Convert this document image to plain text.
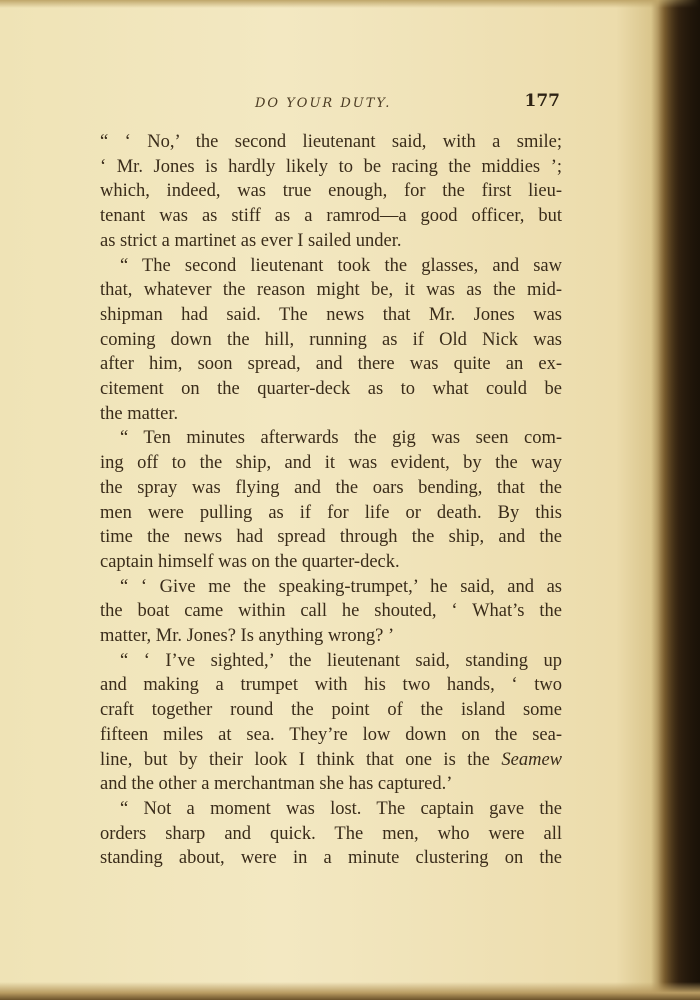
DO YOUR DUTY.	177
“ ‘ No,’ the second lieutenant said, with a smile;
‘ Mr. Jones is hardly likely to be racing the middies ’;
which, indeed, was true enough, for the first lieu-
tenant was as stiff as a ramrod—a good officer, but
as strict a martinet as ever I sailed under.
“ The second lieutenant took the glasses, and saw
that, whatever the reason might be, it was as the mid-
shipman had said. The news that Mr. Jones was
coming down the hill, running as if Old Nick was
after him, soon spread, and there was quite an ex-
citement on the quarter-deck as to what could be
the matter.
“ Ten minutes afterwards the gig was seen com-
ing off to the ship, and it was evident, by the way
the spray was flying and the oars bending, that the
men were pulling as if for life or death. By this
time the news had spread through the ship, and the
captain himself was on the quarter-deck.
“ ‘ Give me the speaking-trumpet,’ he said, and as
the boat came within call he shouted, ‘ What’s the
matter, Mr. Jones? Is anything wrong? ’
“ ‘ I’ve sighted,’ the lieutenant said, standing up
and making a trumpet with his two hands, ‘ two
craft together round the point of the island some
fifteen miles at sea. They’re low down on the sea-
line, but by their look I think that one is the Seamew
and the other a merchantman she has captured.’
“ Not a moment was lost. The captain gave the
orders sharp and quick. The men, who were all
standing about, were in a minute clustering on the
